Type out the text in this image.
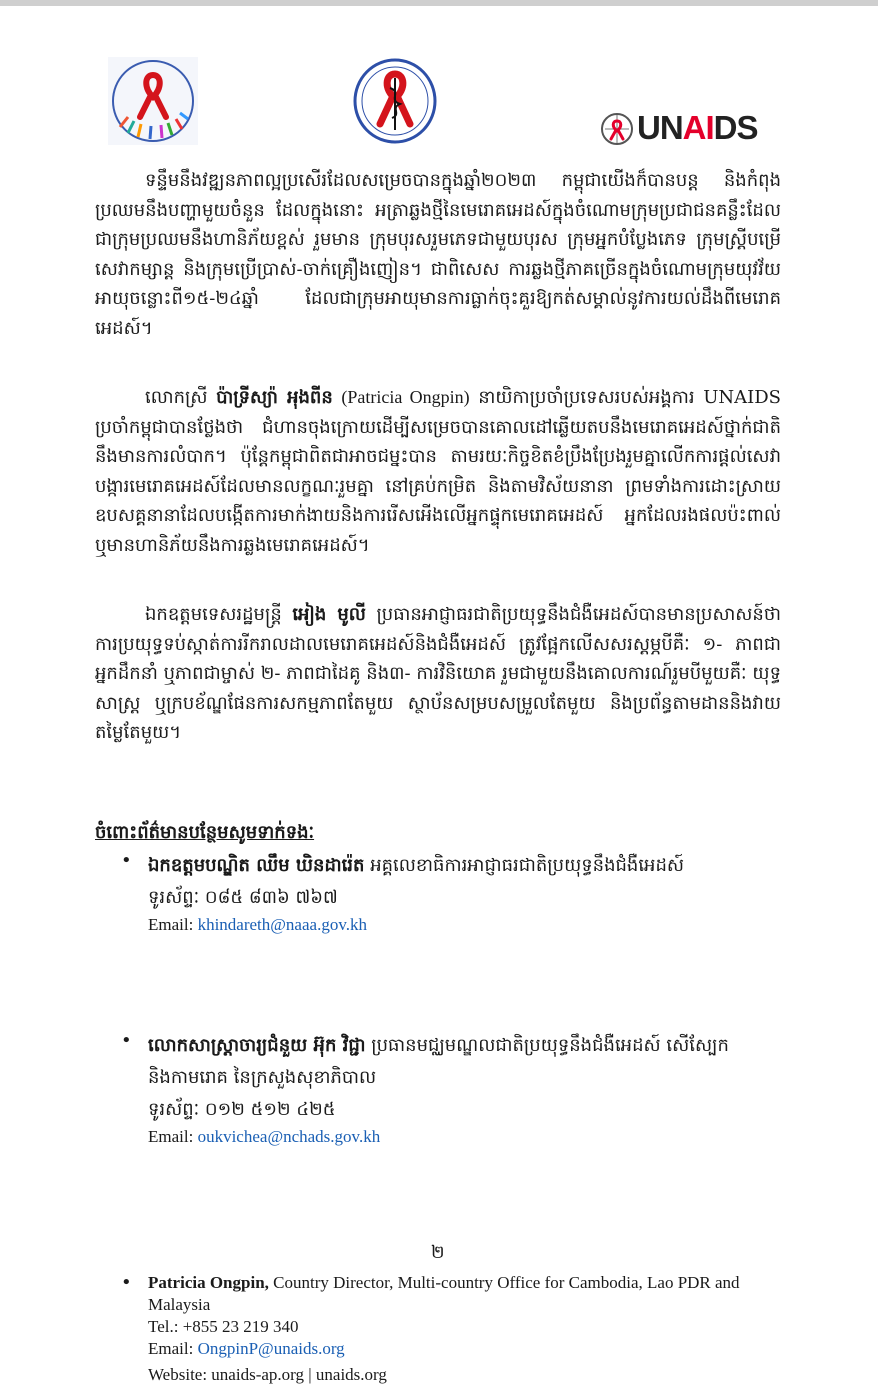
UNAIDS

ទន្ទឹមនឹងវឌ្ឍនភាពល្អប្រសើរដែលសម្រេចបានក្នុងឆ្នាំ២០២៣ កម្ពុជាយើងក៏បានបន្ត និងកំពុងប្រឈមនឹងបញ្ហាមួយចំនួន ដែលក្នុងនោះ អត្រាឆ្លងថ្មីនៃមេរោគអេដស៍ក្នុងចំណោមក្រុមប្រជាជនគន្លឹះដែលជាក្រុមប្រឈមនឹងហានិភ័យខ្ពស់ រួមមាន ក្រុមបុរសរួមភេទជាមួយបុរស ក្រុមអ្នកបំប្លែងភេទ ក្រុមស្ត្រីបម្រើសេវាកម្សាន្ត និងក្រុមប្រើប្រាស់-ចាក់គ្រឿងញៀន។ ជាពិសេស ការឆ្លងថ្មីភាគច្រើនក្នុងចំណោមក្រុមយុវវ័យអាយុចន្លោះពី១៥-២៤ឆ្នាំ ដែលជាក្រុមអាយុមានការធ្លាក់ចុះគួរឱ្យកត់សម្គាល់នូវការយល់ដឹងពីមេរោគអេដស៍។

លោកស្រី ប៉ាទ្រីស្យ៉ា អុងពីន (Patricia Ongpin) នាយិកាប្រចាំប្រទេសរបស់អង្គការ UNAIDS ប្រចាំកម្ពុជាបានថ្លែងថា ជំហានចុងក្រោយដើម្បីសម្រេចបានគោលដៅឆ្លើយតបនឹងមេរោគអេដស៍ថ្នាក់ជាតិនឹងមានការលំបាក។ ប៉ុន្តែកម្ពុជាពិតជាអាចជម្នះបាន តាមរយៈកិច្ចខិតខំប្រឹងប្រែងរួមគ្នាលើកការផ្ដល់សេវាបង្ការមេរោគអេដស៍ដែលមានលក្ខណៈរួមគ្នា នៅគ្រប់កម្រិត និងតាមវិស័យនានា ព្រមទាំងការដោះស្រាយឧបសគ្គនានាដែលបង្កើតការមាក់ងាយនិងការរើសអើងលើអ្នកផ្ទុកមេរោគអេដស៍ អ្នកដែលរងផលប៉ះពាល់ ឬមានហានិភ័យនឹងការឆ្លងមេរោគអេដស៍។

ឯកឧត្តមទេសរដ្ឋមន្ត្រី អៀង មូលី ប្រធានអាជ្ញាធរជាតិប្រយុទ្ធនឹងជំងឺអេដស៍បានមានប្រសាសន៍ថា ការប្រយុទ្ធទប់ស្កាត់ការរីករាលដាលមេរោគអេដស៍និងជំងឺអេដស៍ ត្រូវផ្អែកលើសសរស្តម្ភបីគឺៈ ១- ភាពជាអ្នកដឹកនាំ ឬភាពជាម្ចាស់ ២- ភាពជាដៃគូ និង៣- ការវិនិយោគ រួមជាមួយនឹងគោលការណ៍រួមបីមួយគឺៈ យុទ្ធសាស្ត្រ ឬក្របខ័ណ្ឌផែនការសកម្មភាពតែមួយ ស្ថាប័នសម្របសម្រួលតែមួយ និងប្រព័ន្ធតាមដាននិងវាយតម្លៃតែមួយ។

ចំពោះព័ត៌មានបន្ថែមសូមទាក់ទងៈ

• ឯកឧត្តមបណ្ឌិត ឈឹម ឃិនដារ៉េត អគ្គលេខាធិការអាជ្ញាធរជាតិប្រយុទ្ធនឹងជំងឺអេដស៍
ទូរស័ព្ទៈ ០៨៥ ៨៣៦ ៧៦៧
Email: khindareth@naaa.gov.kh
• លោកសាស្ត្រាចារ្យជំនួយ អ៊ុក វិជ្ជា ប្រធានមជ្ឈមណ្ឌលជាតិប្រយុទ្ធនឹងជំងឺអេដស៍ សើស្បែក
និងកាមរោគ នៃក្រសួងសុខាភិបាល
ទូរស័ព្ទៈ ០១២ ៥១២ ៤២៥
Email: oukvichea@nchads.gov.kh
• Patricia Ongpin, Country Director, Multi-country Office for Cambodia, Lao PDR and Malaysia
Tel.: +855 23 219 340
Email: OngpinP@unaids.org
Website: unaids-ap.org | unaids.org
២
